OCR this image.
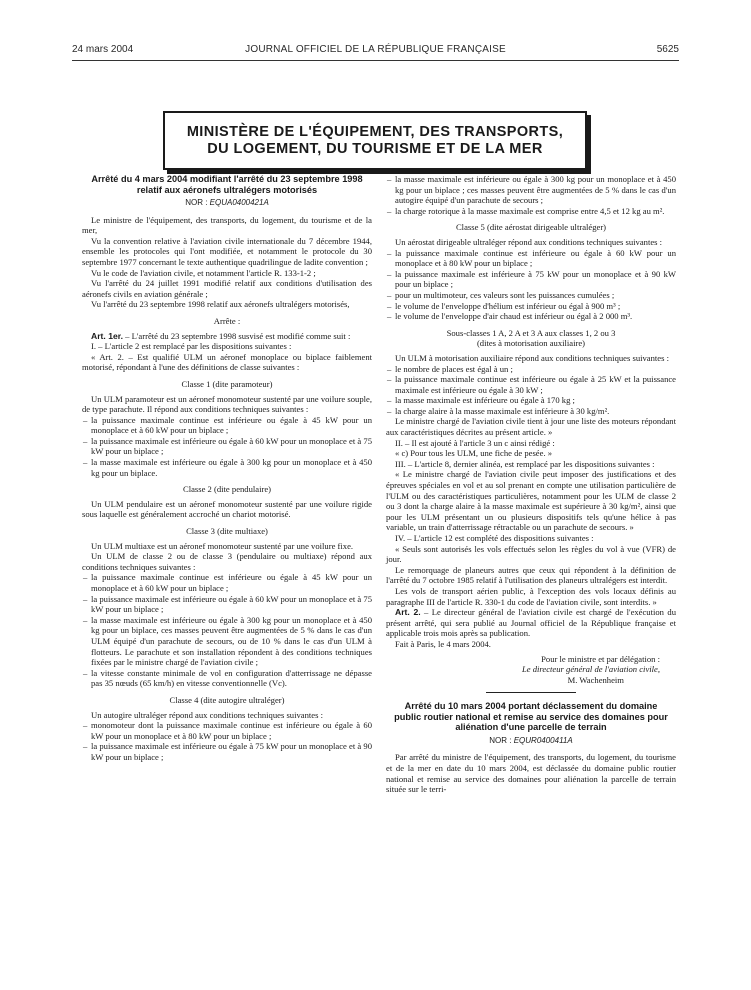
24 mars 2004	JOURNAL OFFICIEL DE LA RÉPUBLIQUE FRANÇAISE	5625
MINISTÈRE DE L'ÉQUIPEMENT, DES TRANSPORTS,
DU LOGEMENT, DU TOURISME ET DE LA MER
Arrêté du 4 mars 2004 modifiant l'arrêté du 23 septembre 1998 relatif aux aéronefs ultralégers motorisés
NOR : EQUA0400421A

Le ministre de l'équipement, des transports, du logement, du tourisme et de la mer,

Vu la convention relative à l'aviation civile internationale du 7 décembre 1944, ensemble les protocoles qui l'ont modifiée, et notamment le protocole du 30 septembre 1977 concernant le texte authentique quadrilingue de ladite convention ;

Vu le code de l'aviation civile, et notamment l'article R. 133-1-2 ;

Vu l'arrêté du 24 juillet 1991 modifié relatif aux conditions d'utilisation des aéronefs civils en aviation générale ;

Vu l'arrêté du 23 septembre 1998 relatif aux aéronefs ultralégers motorisés,

Arrête :

Art. 1er. – L'arrêté du 23 septembre 1998 susvisé est modifié comme suit :

I. – L'article 2 est remplacé par les dispositions suivantes :

« Art. 2. – Est qualifié ULM un aéronef monoplace ou biplace faiblement motorisé, répondant à l'une des définitions de classe suivantes :

Classe 1 (dite paramoteur)

Un ULM paramoteur est un aéronef monomoteur sustenté par une voilure souple, de type parachute. Il répond aux conditions techniques suivantes :

– la puissance maximale continue est inférieure ou égale à 45 kW pour un monoplace et à 60 kW pour un biplace ;
– la puissance maximale est inférieure ou égale à 60 kW pour un monoplace et à 75 kW pour un biplace ;
– la masse maximale est inférieure ou égale à 300 kg pour un monoplace et à 450 kg pour un biplace.

Classe 2 (dite pendulaire)

Un ULM pendulaire est un aéronef monomoteur sustenté par une voilure rigide sous laquelle est généralement accroché un chariot motorisé.

Classe 3 (dite multiaxe)

Un ULM multiaxe est un aéronef monomoteur sustenté par une voilure fixe.

Un ULM de classe 2 ou de classe 3 (pendulaire ou multiaxe) répond aux conditions techniques suivantes :

– la puissance maximale continue est inférieure ou égale à 45 kW pour un monoplace et à 60 kW pour un biplace ;
– la puissance maximale est inférieure ou égale à 60 kW pour un monoplace et à 75 kW pour un biplace ;
– la masse maximale est inférieure ou égale à 300 kg pour un monoplace et à 450 kg pour un biplace, ces masses peuvent être augmentées de 5 % dans le cas d'un ULM équipé d'un parachute de secours, ou de 10 % dans le cas d'un ULM à flotteurs. Le parachute et son installation répondent à des conditions techniques fixées par le ministre chargé de l'aviation civile ;
– la vitesse constante minimale de vol en configuration d'atterrissage ne dépasse pas 35 nœuds (65 km/h) en vitesse conventionnelle (Vc).

Classe 4 (dite autogire ultraléger)

Un autogire ultraléger répond aux conditions techniques suivantes :

– monomoteur dont la puissance maximale continue est inférieure ou égale à 60 kW pour un monoplace et à 80 kW pour un biplace ;
– la puissance maximale est inférieure ou égale à 75 kW pour un monoplace et à 90 kW pour un biplace ;
– la masse maximale est inférieure ou égale à 300 kg pour un monoplace et à 450 kg pour un biplace ; ces masses peuvent être augmentées de 5 % dans le cas d'un autogire équipé d'un parachute de secours ;
– la charge rotorique à la masse maximale est comprise entre 4,5 et 12 kg au m².

Classe 5 (dite aérostat dirigeable ultraléger)

Un aérostat dirigeable ultraléger répond aux conditions techniques suivantes :

– la puissance maximale continue est inférieure ou égale à 60 kW pour un monoplace et à 80 kW pour un biplace ;
– la puissance maximale est inférieure à 75 kW pour un monoplace et à 90 kW pour un biplace ;
– pour un multimoteur, ces valeurs sont les puissances cumulées ;
– le volume de l'enveloppe d'hélium est inférieur ou égal à 900 m³ ;
– le volume de l'enveloppe d'air chaud est inférieur ou égal à 2 000 m³.

Sous-classes 1 A, 2 A et 3 A aux classes 1, 2 ou 3

(dites à motorisation auxiliaire)

Un ULM à motorisation auxiliaire répond aux conditions techniques suivantes :

– le nombre de places est égal à un ;
– la puissance maximale continue est inférieure ou égale à 25 kW et la puissance maximale est inférieure ou égale à 30 kW ;
– la masse maximale est inférieure ou égale à 170 kg ;
– la charge alaire à la masse maximale est inférieure à 30 kg/m².

Le ministre chargé de l'aviation civile tient à jour une liste des moteurs répondant aux caractéristiques décrites au présent article. »

II. – Il est ajouté à l'article 3 un c ainsi rédigé :

« c) Pour tous les ULM, une fiche de pesée. »

III. – L'article 8, dernier alinéa, est remplacé par les dispositions suivantes :

« Le ministre chargé de l'aviation civile peut imposer des justifications et des épreuves spéciales en vol et au sol prenant en compte une utilisation particulière de l'ULM ou des caractéristiques particulières, notamment pour les ULM de classe 2 ou 3 dont la charge alaire à la masse maximale est supérieure à 30 kg/m², ainsi que pour les ULM présentant un ou plusieurs dispositifs tels qu'une hélice à pas variable, un train d'atterrissage rétractable ou un parachute de secours. »

IV. – L'article 12 est complété des dispositions suivantes :

« Seuls sont autorisés les vols effectués selon les règles du vol à vue (VFR) de jour.

Le remorquage de planeurs autres que ceux qui répondent à la définition de l'arrêté du 7 octobre 1985 relatif à l'utilisation des planeurs ultralégers est interdit.

Les vols de transport aérien public, à l'exception des vols locaux définis au paragraphe III de l'article R. 330-1 du code de l'aviation civile, sont interdits. »

Art. 2. – Le directeur général de l'aviation civile est chargé de l'exécution du présent arrêté, qui sera publié au Journal officiel de la République française et applicable trois mois après sa publication.

Fait à Paris, le 4 mars 2004.

Pour le ministre et par délégation :

Le directeur général de l'aviation civile,

M. Wachenheim

Arrêté du 10 mars 2004 portant déclassement du domaine public routier national et remise au service des domaines pour aliénation d'une parcelle de terrain
NOR : EQUR0400411A

Par arrêté du ministre de l'équipement, des transports, du logement, du tourisme et de la mer en date du 10 mars 2004, est déclassée du domaine public routier national et remise au service des domaines pour aliénation la parcelle de terrain située sur le terri-
